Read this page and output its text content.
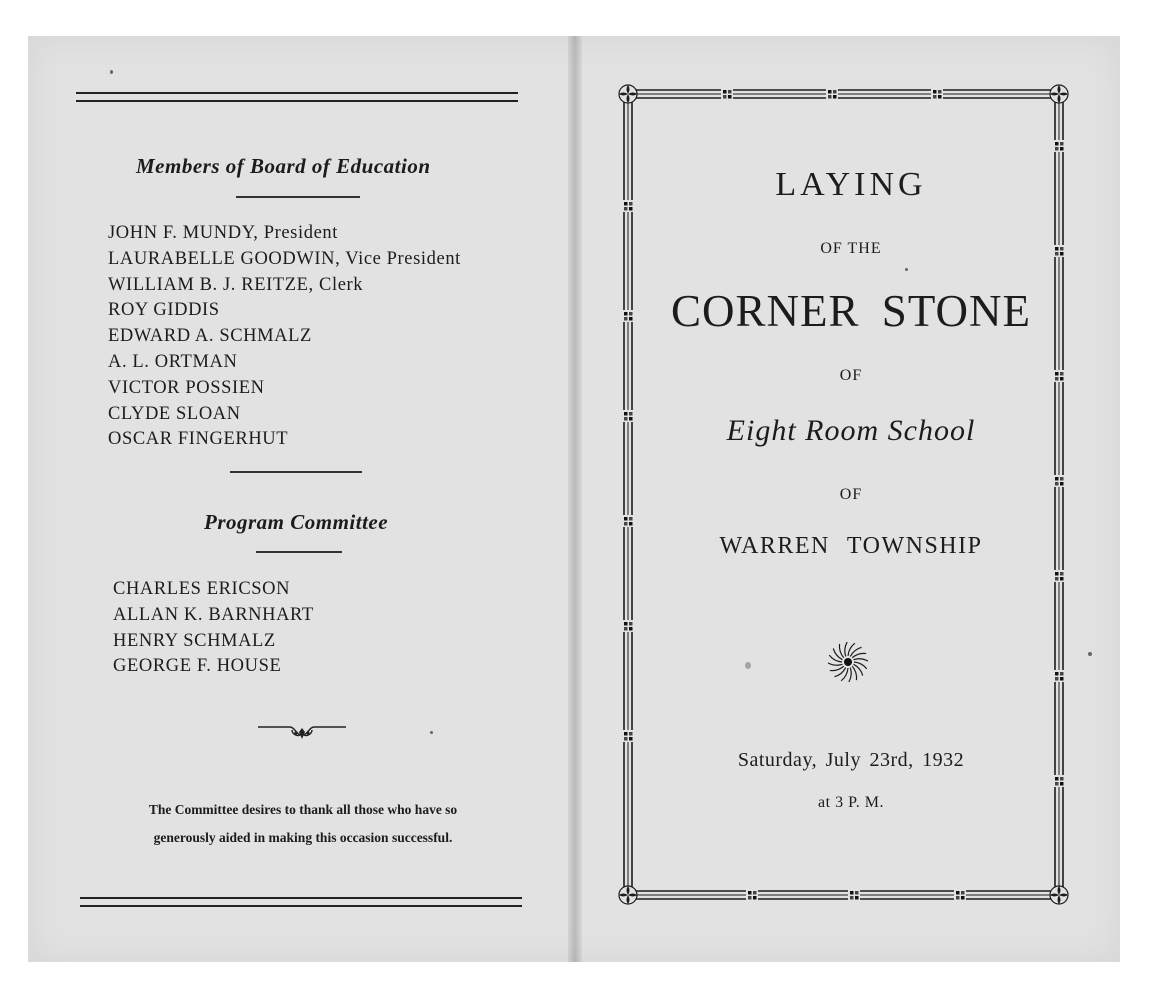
Members of Board of Education
JOHN F. MUNDY, President
LAURABELLE GOODWIN, Vice President
WILLIAM B. J. REITZE, Clerk
ROY GIDDIS
EDWARD A. SCHMALZ
A. L. ORTMAN
VICTOR POSSIEN
CLYDE SLOAN
OSCAR FINGERHUT
Program Committee
CHARLES ERICSON
ALLAN K. BARNHART
HENRY SCHMALZ
GEORGE F. HOUSE

The Committee desires to thank all those who have so
generously aided in making this occasion successful.

LAYING
OF THE
CORNER STONE
OF
Eight Room School
OF
WARREN TOWNSHIP
Saturday, July 23rd, 1932
at 3 P. M.
